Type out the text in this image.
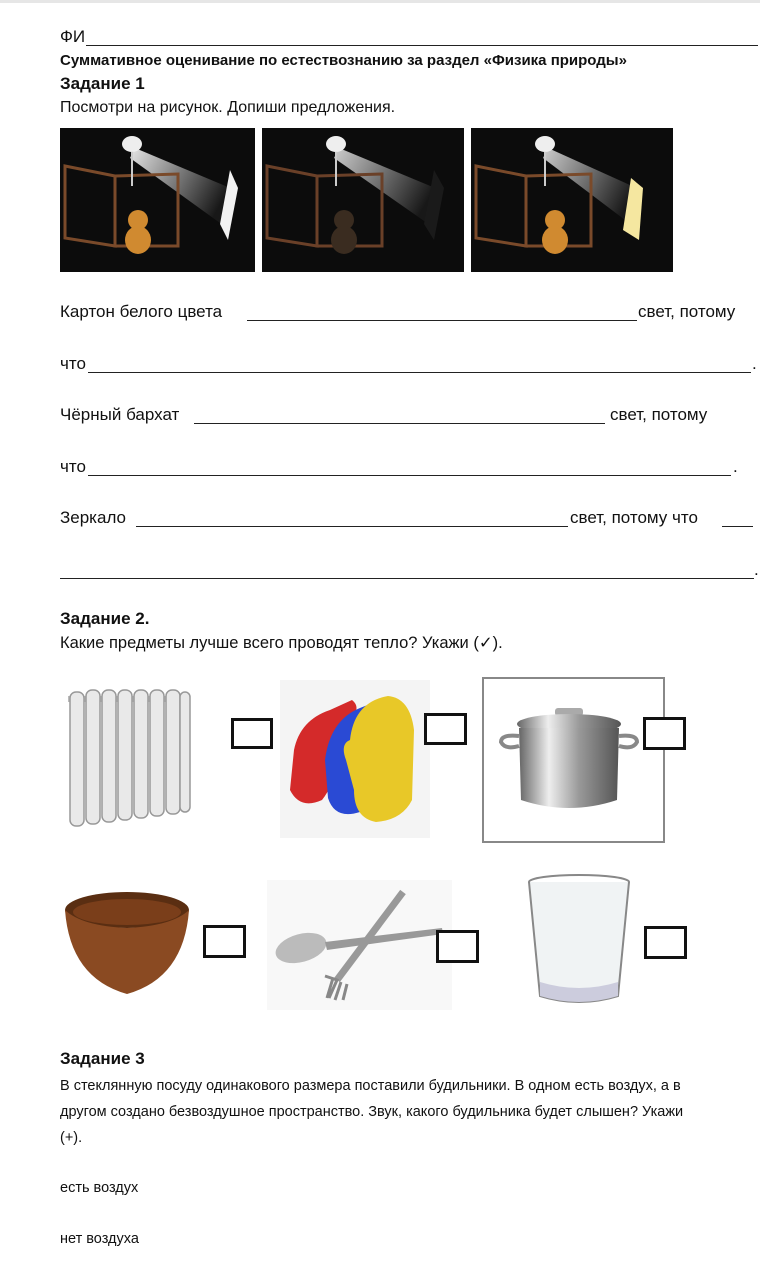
ФИ
Суммативное оценивание по естествознанию за раздел «Физика природы»
Задание 1
Посмотри на рисунок. Допиши предложения.
Картон белого цвета	свет, потому
что	.
Чёрный бархат	свет, потому
что	.
Зеркало	свет, потому что
.
Задание 2.
Какие предметы лучше всего проводят тепло? Укажи (✓).
Задание 3
В стеклянную посуду одинакового размера поставили будильники. В одном есть воздух, а в
другом создано безвоздушное пространство. Звук, какого будильника будет слышен? Укажи
(+).
есть воздух
нет воздуха
